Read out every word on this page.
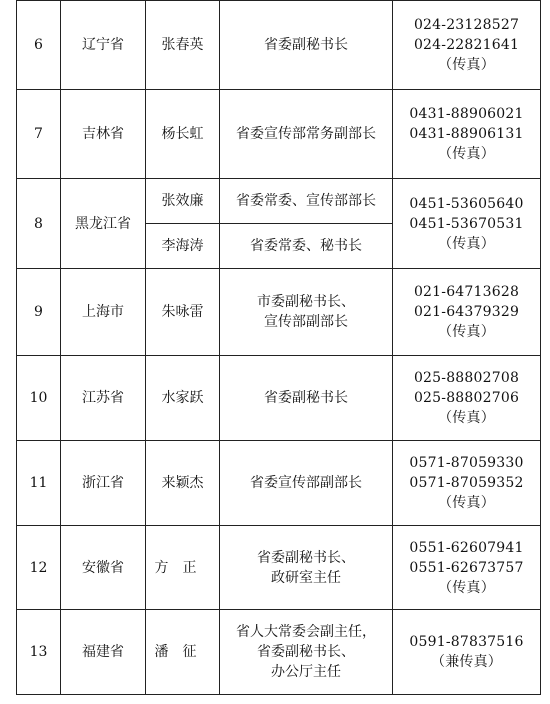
6	辽宁省	张春英	省委副秘书长	024-23128527
024-22821641
（传真）

7	吉林省	杨长虹	省委宣传部常务副部长	0431-88906021
0431-88906131
（传真）

8	黑龙江省	张效廉	省委常委、宣传部部长	0451-53605640
0451-53670531
（传真）

		李海涛	省委常委、秘书长	

9	上海市	朱咏雷	市委副秘书长、
宣传部副部长	021-64713628
021-64379329
（传真）

10	江苏省	水家跃	省委副秘书长	025-88802708
025-88802706
（传真）

11	浙江省	来颖杰	省委宣传部副部长	0571-87059330
0571-87059352
（传真）

12	安徽省	方正	省委副秘书长、
政研室主任	0551-62607941
0551-62673757
（传真）

13	福建省	潘征	省人大常委会副主任，
省委副秘书长、
办公厅主任	0591-87837516
（兼传真）
